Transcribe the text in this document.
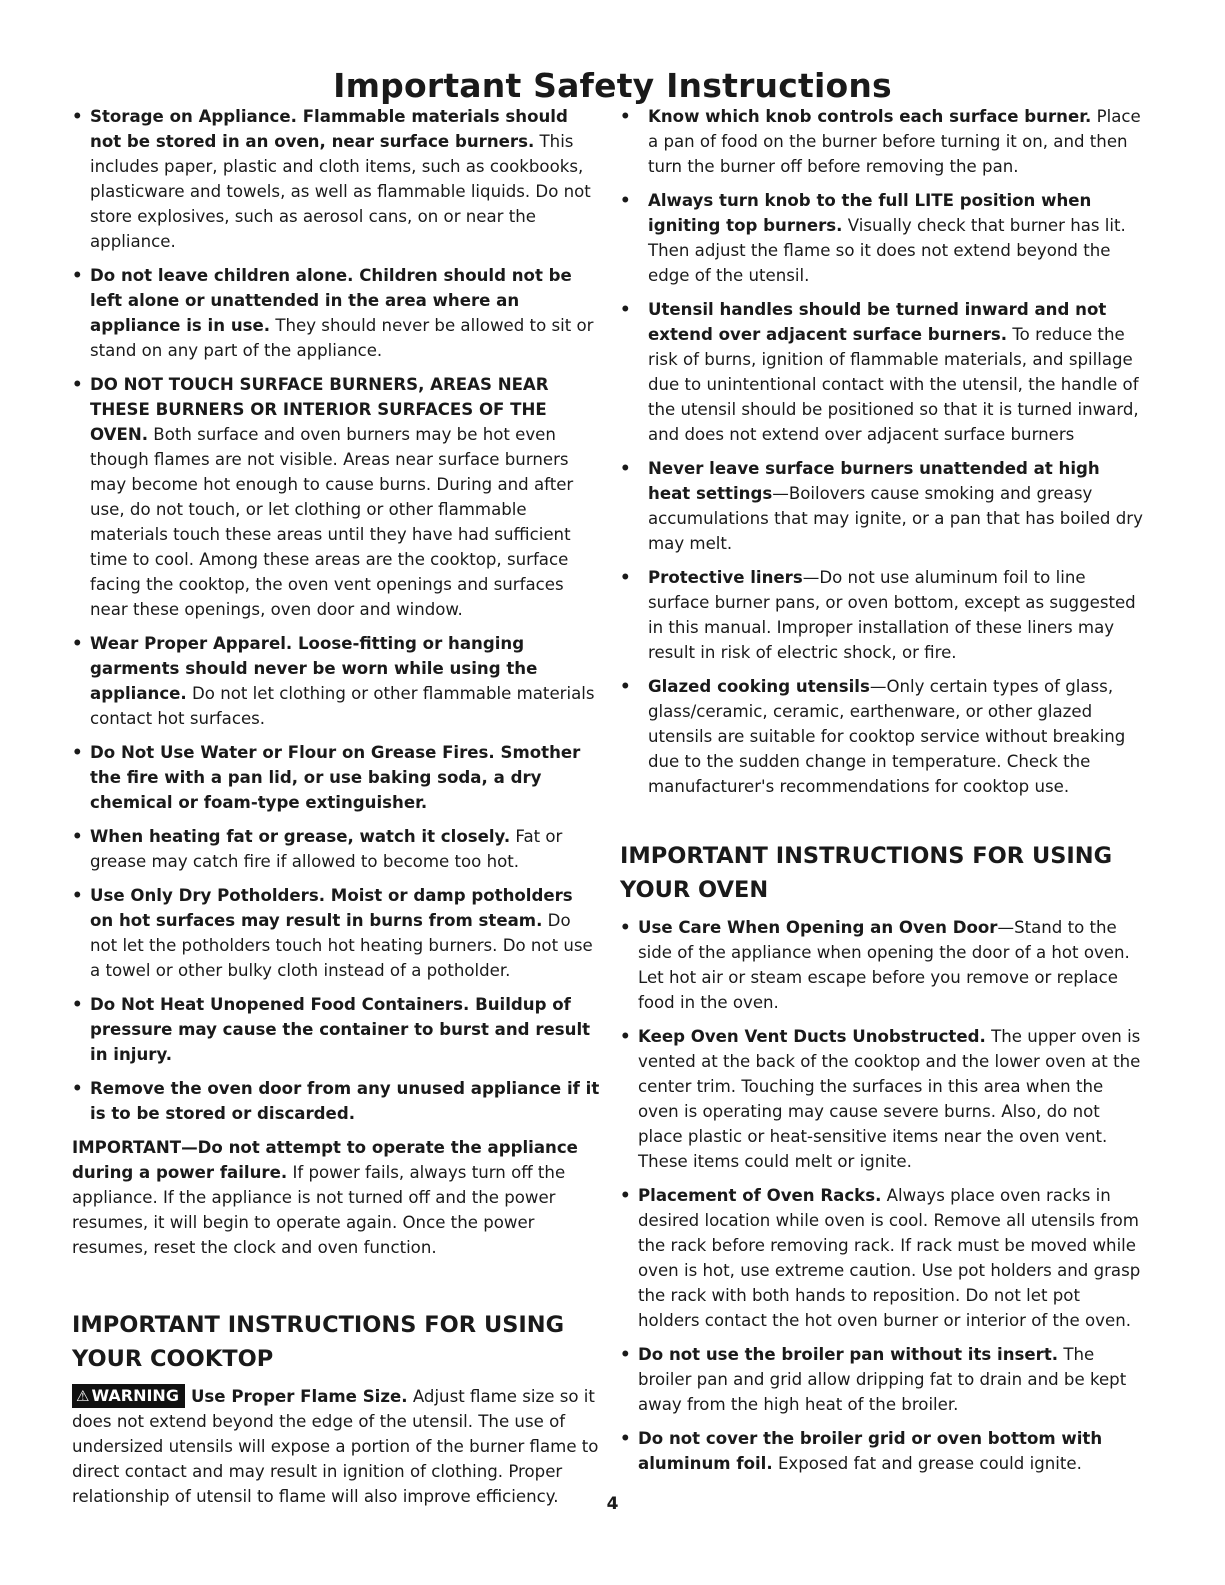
Important Safety Instructions
• Storage on Appliance. Flammable materials should not be stored in an oven, near surface burners. This includes paper, plastic and cloth items, such as cookbooks, plasticware and towels, as well as flammable liquids. Do not store explosives, such as aerosol cans, on or near the appliance.
• Do not leave children alone. Children should not be left alone or unattended in the area where an appliance is in use. They should never be allowed to sit or stand on any part of the appliance.
• DO NOT TOUCH SURFACE BURNERS, AREAS NEAR THESE BURNERS OR INTERIOR SURFACES OF THE OVEN. Both surface and oven burners may be hot even though flames are not visible. Areas near surface burners may become hot enough to cause burns. During and after use, do not touch, or let clothing or other flammable materials touch these areas until they have had sufficient time to cool. Among these areas are the cooktop, surface facing the cooktop, the oven vent openings and surfaces near these openings, oven door and window.
• Wear Proper Apparel. Loose-fitting or hanging garments should never be worn while using the appliance. Do not let clothing or other flammable materials contact hot surfaces.
• Do Not Use Water or Flour on Grease Fires. Smother the fire with a pan lid, or use baking soda, a dry chemical or foam-type extinguisher.
• When heating fat or grease, watch it closely. Fat or grease may catch fire if allowed to become too hot.
• Use Only Dry Potholders. Moist or damp potholders on hot surfaces may result in burns from steam. Do not let the potholders touch hot heating burners. Do not use a towel or other bulky cloth instead of a potholder.
• Do Not Heat Unopened Food Containers. Buildup of pressure may cause the container to burst and result in injury.
• Remove the oven door from any unused appliance if it is to be stored or discarded.
IMPORTANT—Do not attempt to operate the appliance during a power failure. If power fails, always turn off the appliance. If the appliance is not turned off and the power resumes, it will begin to operate again. Once the power resumes, reset the clock and oven function.
IMPORTANT INSTRUCTIONS FOR USING YOUR COOKTOP
⚠ WARNING Use Proper Flame Size. Adjust flame size so it does not extend beyond the edge of the utensil. The use of undersized utensils will expose a portion of the burner flame to direct contact and may result in ignition of clothing. Proper relationship of utensil to flame will also improve efficiency.
• Know which knob controls each surface burner. Place a pan of food on the burner before turning it on, and then turn the burner off before removing the pan.
• Always turn knob to the full LITE position when igniting top burners. Visually check that burner has lit. Then adjust the flame so it does not extend beyond the edge of the utensil.
• Utensil handles should be turned inward and not extend over adjacent surface burners. To reduce the risk of burns, ignition of flammable materials, and spillage due to unintentional contact with the utensil, the handle of the utensil should be positioned so that it is turned inward, and does not extend over adjacent surface burners
• Never leave surface burners unattended at high heat settings—Boilovers cause smoking and greasy accumulations that may ignite, or a pan that has boiled dry may melt.
• Protective liners—Do not use aluminum foil to line surface burner pans, or oven bottom, except as suggested in this manual. Improper installation of these liners may result in risk of electric shock, or fire.
• Glazed cooking utensils—Only certain types of glass, glass/ceramic, ceramic, earthenware, or other glazed utensils are suitable for cooktop service without breaking due to the sudden change in temperature. Check the manufacturer's recommendations for cooktop use.
IMPORTANT INSTRUCTIONS FOR USING YOUR OVEN
• Use Care When Opening an Oven Door—Stand to the side of the appliance when opening the door of a hot oven. Let hot air or steam escape before you remove or replace food in the oven.
• Keep Oven Vent Ducts Unobstructed. The upper oven is vented at the back of the cooktop and the lower oven at the center trim. Touching the surfaces in this area when the oven is operating may cause severe burns. Also, do not place plastic or heat-sensitive items near the oven vent. These items could melt or ignite.
• Placement of Oven Racks. Always place oven racks in desired location while oven is cool. Remove all utensils from the rack before removing rack. If rack must be moved while oven is hot, use extreme caution. Use pot holders and grasp the rack with both hands to reposition. Do not let pot holders contact the hot oven burner or interior of the oven.
• Do not use the broiler pan without its insert. The broiler pan and grid allow dripping fat to drain and be kept away from the high heat of the broiler.
• Do not cover the broiler grid or oven bottom with aluminum foil. Exposed fat and grease could ignite.
4
